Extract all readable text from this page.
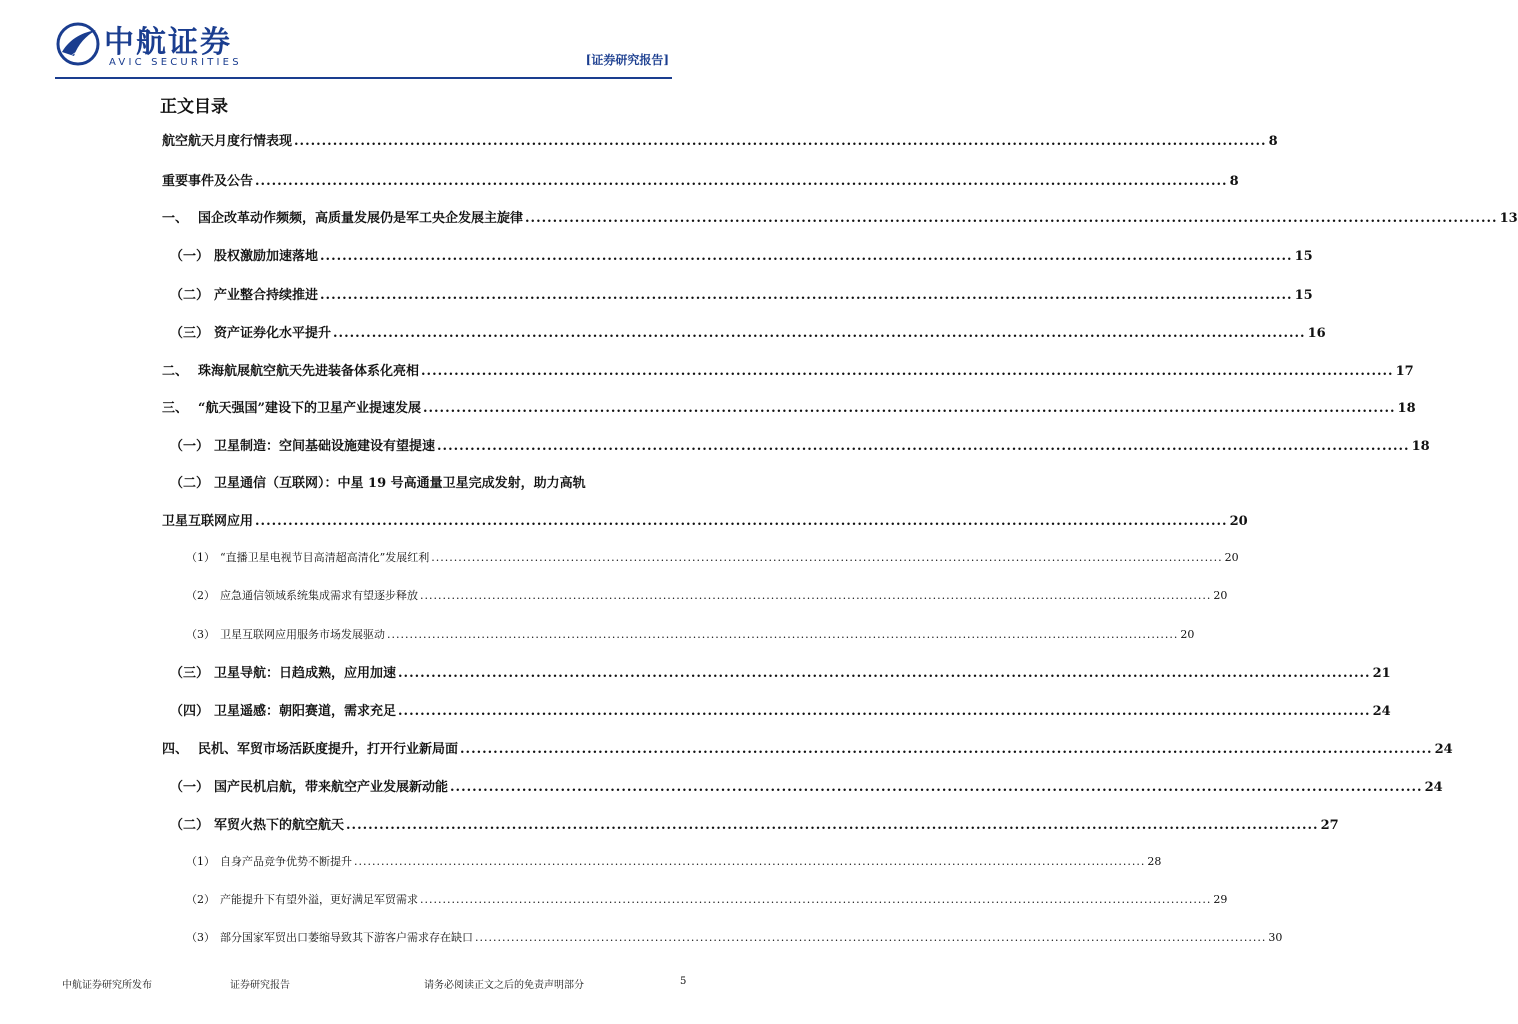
中航证券
AVIC SECURITIES	[证券研究报告]
正文目录
航空航天月度行情表现 .....	8
重要事件及公告 .....	8
一、 国企改革动作频频，高质量发展仍是军工央企发展主旋律 .....	13
（一） 股权激励加速落地 .....	15
（二） 产业整合持续推进 .....	15
（三） 资产证券化水平提升 .....	16
二、 珠海航展航空航天先进装备体系化亮相 .....	17
三、 “航天强国”建设下的卫星产业提速发展 .....	18
（一） 卫星制造：空间基础设施建设有望提速 .....	18
（二） 卫星通信（互联网）：中星 19 号高通量卫星完成发射，助力高轨
卫星互联网应用 .....	20
（1） “直播卫星电视节目高清超高清化”发展红利 .....	20
（2） 应急通信领域系统集成需求有望逐步释放 .....	20
（3） 卫星互联网应用服务市场发展驱动 .....	20
（三） 卫星导航：日趋成熟，应用加速 .....	21
（四） 卫星遥感：朝阳赛道，需求充足 .....	24
四、 民机、军贸市场活跃度提升，打开行业新局面 .....	24
（一） 国产民机启航，带来航空产业发展新动能 .....	24
（二） 军贸火热下的航空航天 .....	27
（1） 自身产品竞争优势不断提升 .....	28
（2） 产能提升下有望外溢，更好满足军贸需求 .....	29
（3） 部分国家军贸出口萎缩导致其下游客户需求存在缺口 .....	30
中航证券研究所发布	证券研究报告	请务必阅读正文之后的免责声明部分	5
